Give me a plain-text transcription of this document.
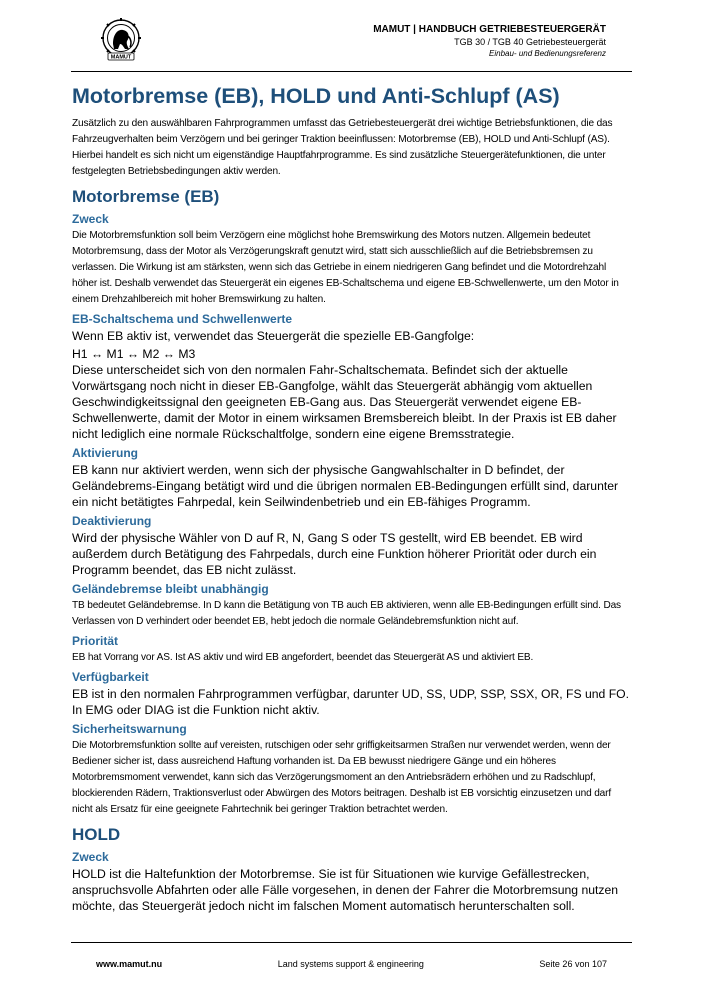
MAMUT
MAMUT | HANDBUCH GETRIEBESTEUERGERÄT
TGB 30 / TGB 40 Getriebesteuergerät
Einbau- und Bedienungsreferenz
Motorbremse (EB), HOLD und Anti-Schlupf (AS)

Zusätzlich zu den auswählbaren Fahrprogrammen umfasst das Getriebesteuergerät drei wichtige Betriebsfunktionen, die das Fahrzeugverhalten beim Verzögern und bei geringer Traktion beeinflussen: Motorbremse (EB), HOLD und Anti-Schlupf (AS). Hierbei handelt es sich nicht um eigenständige Hauptfahrprogramme. Es sind zusätzliche Steuergerätefunktionen, die unter festgelegten Betriebsbedingungen aktiv werden.

Motorbremse (EB)
Zweck

Die Motorbremsfunktion soll beim Verzögern eine möglichst hohe Bremswirkung des Motors nutzen. Allgemein bedeutet Motorbremsung, dass der Motor als Verzögerungskraft genutzt wird, statt sich ausschließlich auf die Betriebsbremsen zu verlassen. Die Wirkung ist am stärksten, wenn sich das Getriebe in einem niedrigeren Gang befindet und die Motordrehzahl höher ist. Deshalb verwendet das Steuergerät ein eigenes EB-Schaltschema und eigene EB-Schwellenwerte, um den Motor in einem Drehzahlbereich mit hoher Bremswirkung zu halten.

EB-Schaltschema und Schwellenwerte

Wenn EB aktiv ist, verwendet das Steuergerät die spezielle EB-Gangfolge:

H1 ↔ M1 ↔ M2 ↔ M3

Diese unterscheidet sich von den normalen Fahr-Schaltschemata. Befindet sich der aktuelle Vorwärtsgang noch nicht in dieser EB-Gangfolge, wählt das Steuergerät abhängig vom aktuellen Geschwindigkeitssignal den geeigneten EB-Gang aus. Das Steuergerät verwendet eigene EB-Schwellenwerte, damit der Motor in einem wirksamen Bremsbereich bleibt. In der Praxis ist EB daher nicht lediglich eine normale Rückschaltfolge, sondern eine eigene Bremsstrategie.

Aktivierung

EB kann nur aktiviert werden, wenn sich der physische Gangwahlschalter in D befindet, der Geländebrems-Eingang betätigt wird und die übrigen normalen EB-Bedingungen erfüllt sind, darunter ein nicht betätigtes Fahrpedal, kein Seilwindenbetrieb und ein EB-fähiges Programm.

Deaktivierung

Wird der physische Wähler von D auf R, N, Gang S oder TS gestellt, wird EB beendet. EB wird außerdem durch Betätigung des Fahrpedals, durch eine Funktion höherer Priorität oder durch ein Programm beendet, das EB nicht zulässt.

Geländebremse bleibt unabhängig

TB bedeutet Geländebremse. In D kann die Betätigung von TB auch EB aktivieren, wenn alle EB-Bedingungen erfüllt sind. Das Verlassen von D verhindert oder beendet EB, hebt jedoch die normale Geländebremsfunktion nicht auf.

Priorität

EB hat Vorrang vor AS. Ist AS aktiv und wird EB angefordert, beendet das Steuergerät AS und aktiviert EB.

Verfügbarkeit

EB ist in den normalen Fahrprogrammen verfügbar, darunter UD, SS, UDP, SSP, SSX, OR, FS und FO. In EMG oder DIAG ist die Funktion nicht aktiv.

Sicherheitswarnung

Die Motorbremsfunktion sollte auf vereisten, rutschigen oder sehr griffigkeitsarmen Straßen nur verwendet werden, wenn der Bediener sicher ist, dass ausreichend Haftung vorhanden ist. Da EB bewusst niedrigere Gänge und ein höheres Motorbremsmoment verwendet, kann sich das Verzögerungsmoment an den Antriebsrädern erhöhen und zu Radschlupf, blockierenden Rädern, Traktionsverlust oder Abwürgen des Motors beitragen. Deshalb ist EB vorsichtig einzusetzen und darf nicht als Ersatz für eine geeignete Fahrtechnik bei geringer Traktion betrachtet werden.

HOLD
Zweck

HOLD ist die Haltefunktion der Motorbremse. Sie ist für Situationen wie kurvige Gefällestrecken, anspruchsvolle Abfahrten oder alle Fälle vorgesehen, in denen der Fahrer die Motorbremsung nutzen möchte, das Steuergerät jedoch nicht im falschen Moment automatisch herunterschalten soll.

www.mamut.nu	Land systems support & engineering	Seite 26 von 107
